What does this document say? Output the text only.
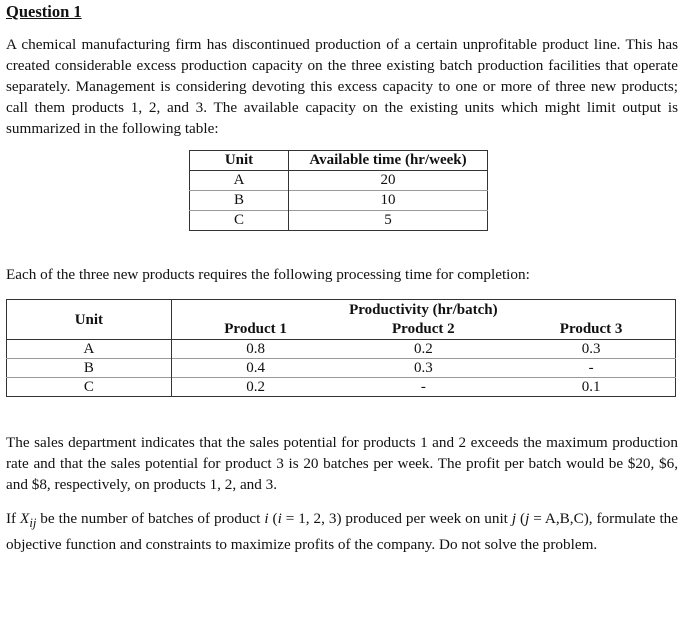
Question 1
A chemical manufacturing firm has discontinued production of a certain unprofitable product line. This has created considerable excess production capacity on the three existing batch production facilities that operate separately. Management is considering devoting this excess capacity to one or more of three new products; call them products 1, 2, and 3. The available capacity on the existing units which might limit output is summarized in the following table:
Unit	Available time (hr/week)
A	20
B	10
C	5
Each of the three new products requires the following processing time for completion:
Unit	Productivity (hr/batch)		
	Product 1	Product 2	Product 3
A	0.8	0.2	0.3
B	0.4	0.3	-
C	0.2	-	0.1
The sales department indicates that the sales potential for products 1 and 2 exceeds the maximum production rate and that the sales potential for product 3 is 20 batches per week. The profit per batch would be $20, $6, and $8, respectively, on products 1, 2, and 3.
If $X_{ij}$ be the number of batches of product i (i = 1, 2, 3) produced per week on unit j (j = A,B,C), formulate the objective function and constraints to maximize profits of the company. Do not solve the problem.
